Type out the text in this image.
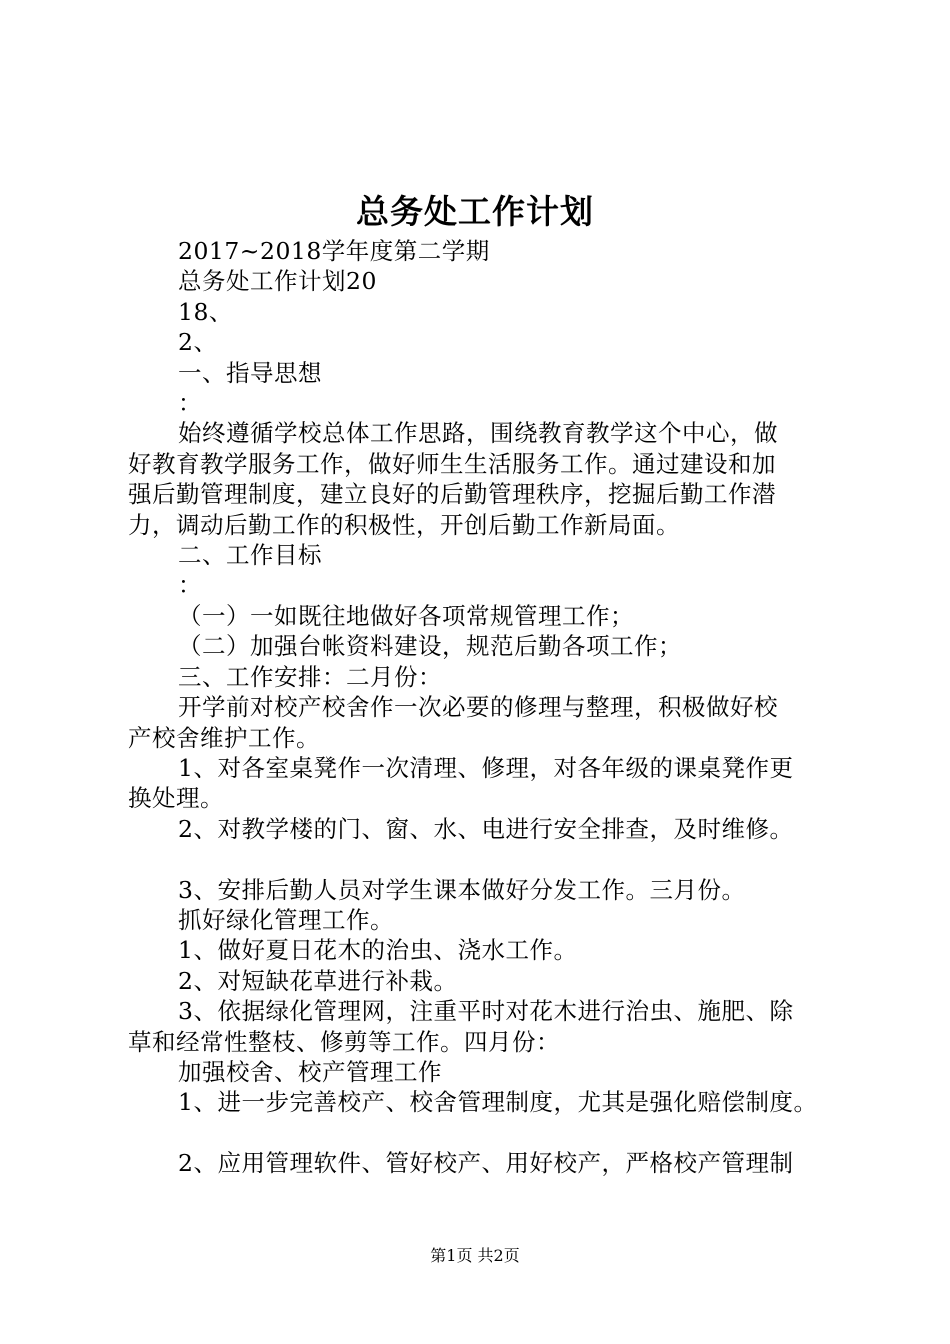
总务处工作计划
2017~2018学年度第二学期
总务处工作计划20
18、
2、
一、指导思想
：
始终遵循学校总体工作思路，围绕教育教学这个中心，做
好教育教学服务工作，做好师生生活服务工作。通过建设和加
强后勤管理制度，建立良好的后勤管理秩序，挖掘后勤工作潜
力，调动后勤工作的积极性，开创后勤工作新局面。
二、工作目标
：
（一）一如既往地做好各项常规管理工作；
（二）加强台帐资料建设，规范后勤各项工作；
三、工作安排：二月份：
开学前对校产校舍作一次必要的修理与整理，积极做好校
产校舍维护工作。
1、对各室桌凳作一次清理、修理，对各年级的课桌凳作更
换处理。
2、对教学楼的门、窗、水、电进行安全排查，及时维修。
3、安排后勤人员对学生课本做好分发工作。三月份。
抓好绿化管理工作。
1、做好夏日花木的治虫、浇水工作。
2、对短缺花草进行补栽。
3、依据绿化管理网，注重平时对花木进行治虫、施肥、除
草和经常性整枝、修剪等工作。四月份：
加强校舍、校产管理工作
1、进一步完善校产、校舍管理制度，尤其是强化赔偿制度。
2、应用管理软件、管好校产、用好校产，严格校产管理制
第1页 共2页
